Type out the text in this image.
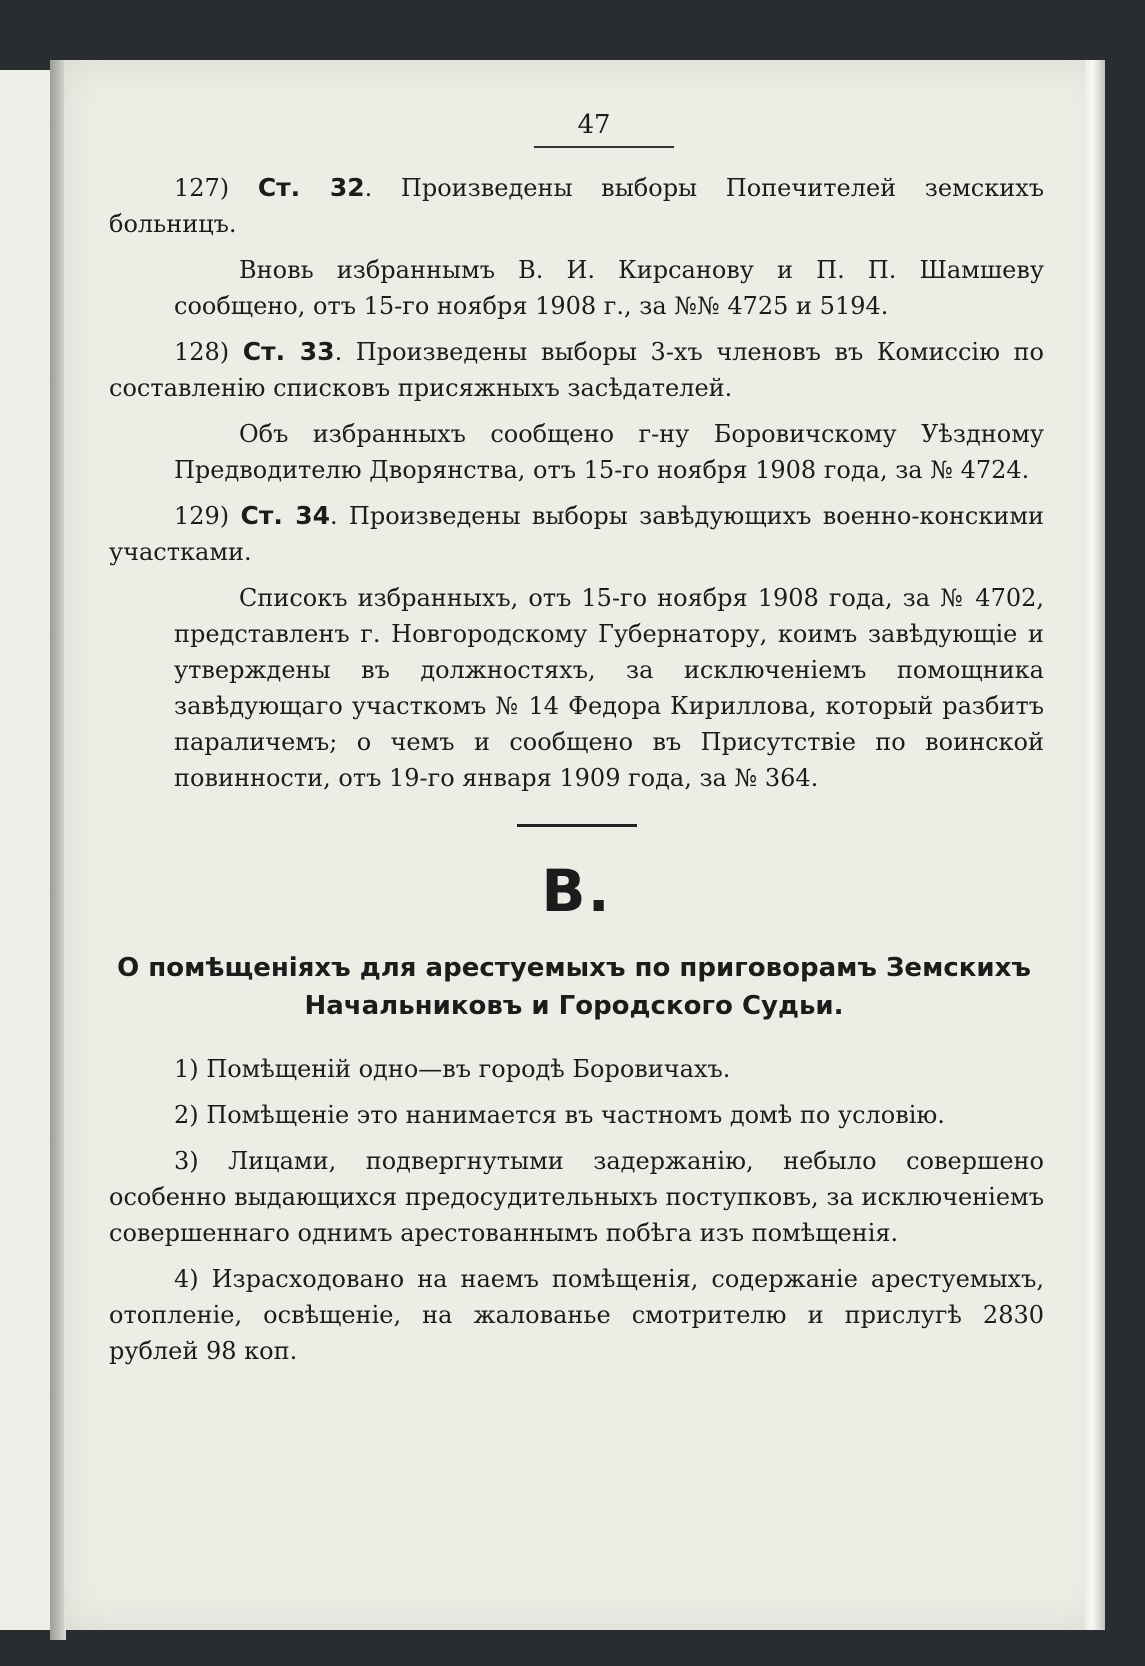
47

127) Ст. 32. Произведены выборы Попечителей земскихъ больницъ.

Вновь избраннымъ В. И. Кирсанову и П. П. Шамшеву сообщено, отъ 15-го ноября 1908 г., за №№ 4725 и 5194.

128) Ст. 33. Произведены выборы 3-хъ членовъ въ Комиссію по составленію списковъ присяжныхъ засѣдателей.

Объ избранныхъ сообщено г-ну Боровичскому Уѣздному Предводителю Дворянства, отъ 15-го ноября 1908 года, за № 4724.

129) Ст. 34. Произведены выборы завѣдующихъ военно-конскими участками.

Списокъ избранныхъ, отъ 15-го ноября 1908 года, за № 4702, представленъ г. Новгородскому Губернатору, коимъ завѣдующіе и утверждены въ должностяхъ, за исключеніемъ помощника завѣдующаго участкомъ № 14 Федора Кириллова, который разбитъ параличемъ; о чемъ и сообщено въ Присутствіе по воинской повинности, отъ 19-го января 1909 года, за № 364.

В.
О помѣщеніяхъ для арестуемыхъ по приговорамъ Земскихъ Начальниковъ и Городского Судьи.

1) Помѣщеній одно—въ городѣ Боровичахъ.

2) Помѣщеніе это нанимается въ частномъ домѣ по условію.

3) Лицами, подвергнутыми задержанію, небыло совершено особенно выдающихся предосудительныхъ поступковъ, за исключеніемъ совершеннаго однимъ арестованнымъ побѣга изъ помѣщенія.

4) Израсходовано на наемъ помѣщенія, содержаніе арестуемыхъ, отопленіе, освѣщеніе, на жалованье смотрителю и прислугѣ 2830 рублей 98 коп.
